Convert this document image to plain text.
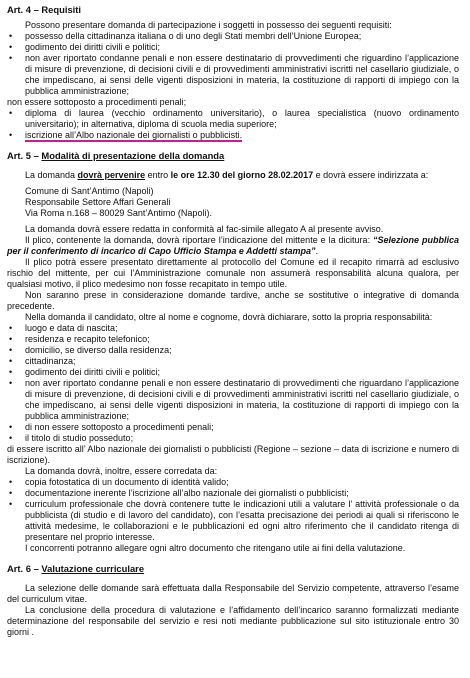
Art. 4 – Requisiti

Possono presentare domanda di partecipazione i soggetti in possesso dei seguenti requisiti:

• possesso della cittadinanza italiana o di uno degli Stati membri dell’Unione Europea;
• godimento dei diritti civili e politici;
• non aver riportato condanne penali e non essere destinatario di provvedimenti che riguardino l’applicazione di misure di prevenzione, di decisioni civili e di provvedimenti amministrativi iscritti nel casellario giudiziale, o che impediscano, ai sensi delle vigenti disposizioni in materia, la costituzione di rapporti di impiego con la pubblica amministrazione;

non essere sottoposto a procedimenti penali;

• diploma di laurea (vecchio ordinamento universitario), o laurea specialistica (nuovo ordinamento universitario); in alternativa, diploma di scuola media superiore;
• iscrizione all’Albo nazionale dei giornalisti o pubblicisti.

Art. 5 – Modalità di presentazione della domanda

La domanda dovrà pervenire entro le ore 12.30 del giorno 28.02.2017 e dovrà essere indirizzata a:

Comune di Sant’Antimo (Napoli)
Responsabile Settore Affari Generali
Via Roma n.168 – 80029 Sant’Antimo (Napoli).

La domanda dovrà essere redatta in conformità al fac-simile allegato A al presente avviso.

Il plico, contenente la domanda, dovrà riportare l’indicazione del mittente e la dicitura: “Selezione pubblica per il conferimento di incarico di Capo Ufficio Stampa e Addetti stampa”.

Il plico potrà essere presentato direttamente al protocollo del Comune ed il recapito rimarrà ad esclusivo rischio del mittente, per cui l’Amministrazione comunale non assumerà responsabilità alcuna qualora, per qualsiasi motivo, il plico medesimo non fosse recapitato in tempo utile.

Non saranno prese in considerazione domande tardive, anche se sostitutive o integrative di domanda precedente.

Nella domanda il candidato, oltre al nome e cognome, dovrà dichiarare, sotto la propria responsabilità:

• luogo e data di nascita;
• residenza e recapito telefonico;
• domicilio, se diverso dalla residenza;
• cittadinanza;
• godimento dei diritti civili e politici;
• non aver riportato condanne penali e non essere destinatario di provvedimenti che riguardano l’applicazione di misure di prevenzione, di decisioni civili e di provvedimenti amministrativi iscritti nel casellario giudiziale, o che impediscano, ai sensi delle vigenti disposizioni in materia, la costituzione di rapporti di impiego con la pubblica amministrazione;
• di non essere sottoposto a procedimenti penali;
• il titolo di studio posseduto;

di essere iscritto all’ Albo nazionale dei giornalisti o pubblicisti (Regione – sezione – data di iscrizione e numero di iscrizione).

La domanda dovrà, inoltre, essere corredata da:

• copia fotostatica di un documento di identità valido;
• documentazione inerente l’iscrizione all’albo nazionale dei giornalisti o pubblicisti;
• curriculum professionale che dovrà contenere tutte le indicazioni utili a valutare l’ attività professionale o da pubblicista (di studio e di lavoro del candidato), con l’esatta precisazione dei periodi ai quali si riferiscono le attività medesime, le collaborazioni e le pubblicazioni ed ogni altro riferimento che il candidato ritenga di presentare nel proprio interesse.

I concorrenti potranno allegare ogni altro documento che ritengano utile ai fini della valutazione.

Art. 6 – Valutazione curriculare

La selezione delle domande sarà effettuata dalla Responsabile del Servizio competente, attraverso l’esame del curriculum vitae.

La conclusione della procedura di valutazione e l’affidamento dell’incarico saranno formalizzati mediante determinazione del responsabile del servizio e resi noti mediante pubblicazione sul sito istituzionale entro 30 giorni .
